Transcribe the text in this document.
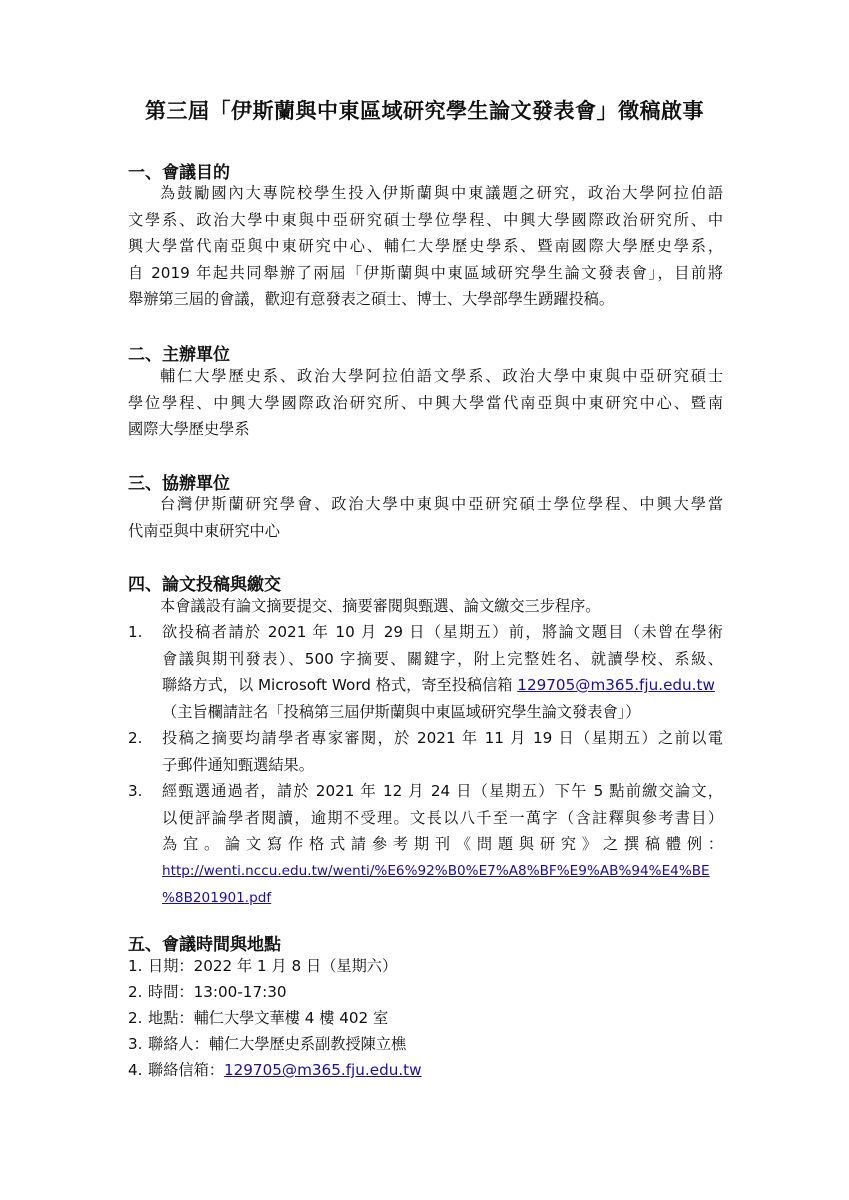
第三屆「伊斯蘭與中東區域研究學生論文發表會」徵稿啟事
一、會議目的
為鼓勵國內大專院校學生投入伊斯蘭與中東議題之研究，政治大學阿拉伯語
文學系、政治大學中東與中亞研究碩士學位學程、中興大學國際政治研究所、中
興大學當代南亞與中東研究中心、輔仁大學歷史學系、暨南國際大學歷史學系，
自 2019 年起共同舉辦了兩屆「伊斯蘭與中東區域研究學生論文發表會」，目前將
舉辦第三屆的會議，歡迎有意發表之碩士、博士、大學部學生踴躍投稿。
二、主辦單位
輔仁大學歷史系、政治大學阿拉伯語文學系、政治大學中東與中亞研究碩士
學位學程、中興大學國際政治研究所、中興大學當代南亞與中東研究中心、暨南
國際大學歷史學系
三、協辦單位
台灣伊斯蘭研究學會、政治大學中東與中亞研究碩士學位學程、中興大學當
代南亞與中東研究中心
四、論文投稿與繳交
本會議設有論文摘要提交、摘要審閱與甄選、論文繳交三步程序。
1.	欲投稿者請於 2021 年 10 月 29 日（星期五）前，將論文題目（未曾在學術
會議與期刊發表）、500 字摘要、關鍵字，附上完整姓名、就讀學校、系級、
聯絡方式，以 Microsoft Word 格式，寄至投稿信箱 129705@m365.fju.edu.tw
（主旨欄請註名「投稿第三屆伊斯蘭與中東區域研究學生論文發表會」）
2.	投稿之摘要均請學者專家審閱，於 2021 年 11 月 19 日（星期五）之前以電
子郵件通知甄選結果。
3.	經甄選通過者，請於 2021 年 12 月 24 日（星期五）下午 5 點前繳交論文，
以便評論學者閱讀，逾期不受理。文長以八千至一萬字（含註釋與參考書目）
為宜。論文寫作格式請參考期刊《問題與研究》之撰稿體例：
http://wenti.nccu.edu.tw/wenti/%E6%92%B0%E7%A8%BF%E9%AB%94%E4%BE
%8B201901.pdf
五、會議時間與地點
1. 日期：2022 年 1 月 8 日（星期六）
2. 時間：13:00-17:30
2. 地點：輔仁大學文華樓 4 樓 402 室
3. 聯絡人：輔仁大學歷史系副教授陳立樵
4. 聯絡信箱：129705@m365.fju.edu.tw
